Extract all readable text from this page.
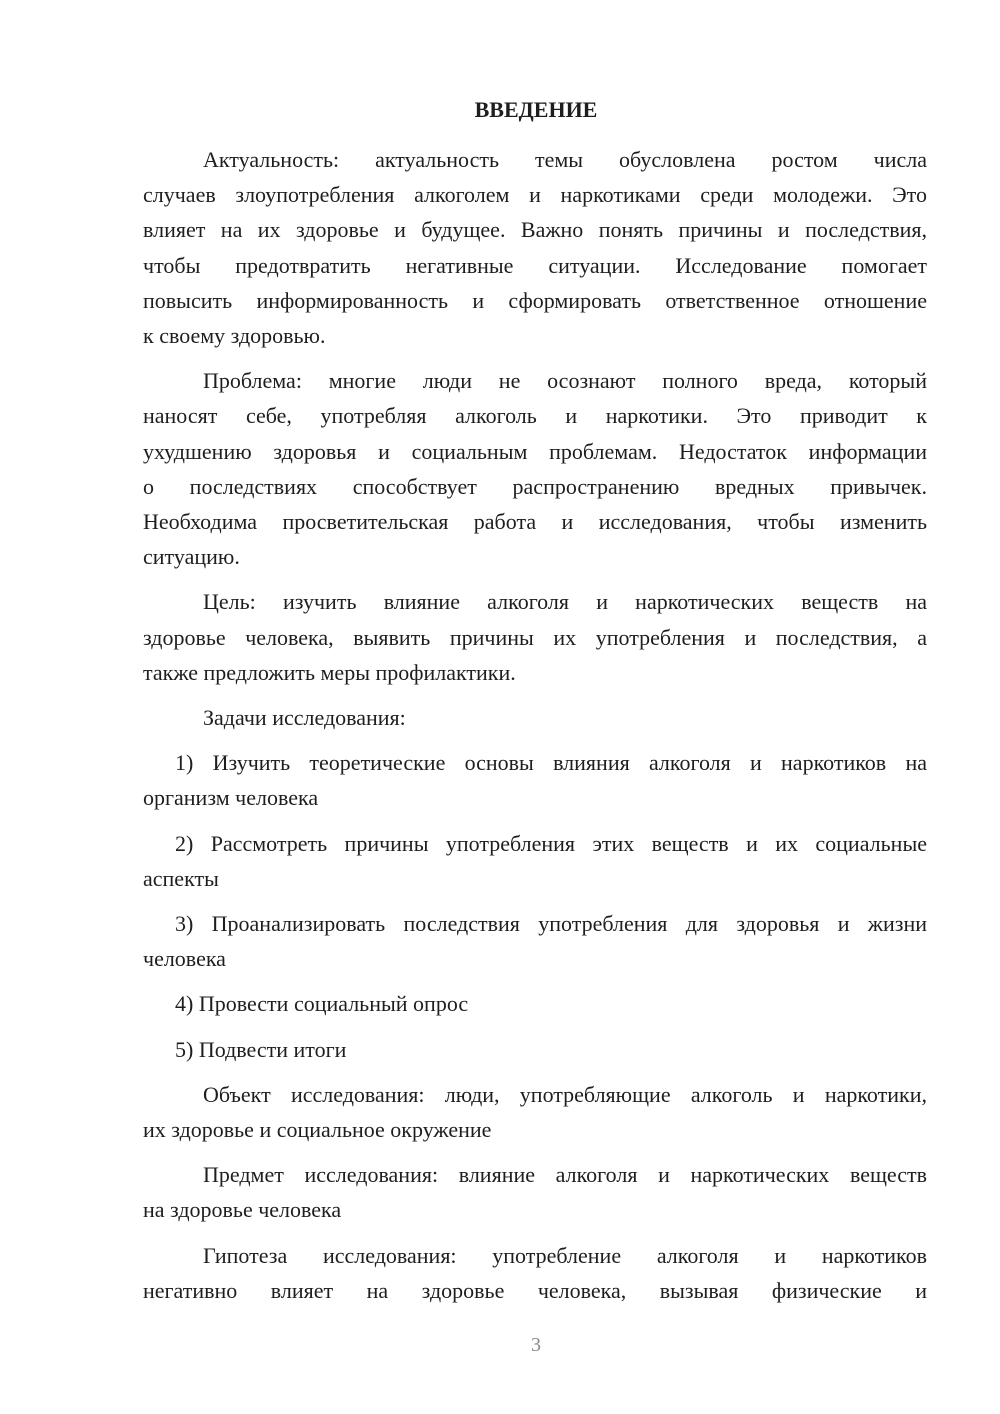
ВВЕДЕНИЕ
Актуальность: актуальность темы обусловлена ростом числа
случаев злоупотребления алкоголем и наркотиками среди молодежи. Это
влияет на их здоровье и будущее. Важно понять причины и последствия,
чтобы предотвратить негативные ситуации. Исследование помогает
повысить информированность и сформировать ответственное отношение
к своему здоровью.
Проблема: многие люди не осознают полного вреда, который
наносят себе, употребляя алкоголь и наркотики. Это приводит к
ухудшению здоровья и социальным проблемам. Недостаток информации
о последствиях способствует распространению вредных привычек.
Необходима просветительская работа и исследования, чтобы изменить
ситуацию.
Цель: изучить влияние алкоголя и наркотических веществ на
здоровье человека, выявить причины их употребления и последствия, а
также предложить меры профилактики.
Задачи исследования:
1) Изучить теоретические основы влияния алкоголя и наркотиков на
организм человека
2) Рассмотреть причины употребления этих веществ и их социальные
аспекты
3) Проанализировать последствия употребления для здоровья и жизни
человека
4) Провести социальный опрос
5) Подвести итоги
Объект исследования: люди, употребляющие алкоголь и наркотики,
их здоровье и социальное окружение
Предмет исследования: влияние алкоголя и наркотических веществ
на здоровье человека
Гипотеза исследования: употребление алкоголя и наркотиков
негативно влияет на здоровье человека, вызывая физические и
3
